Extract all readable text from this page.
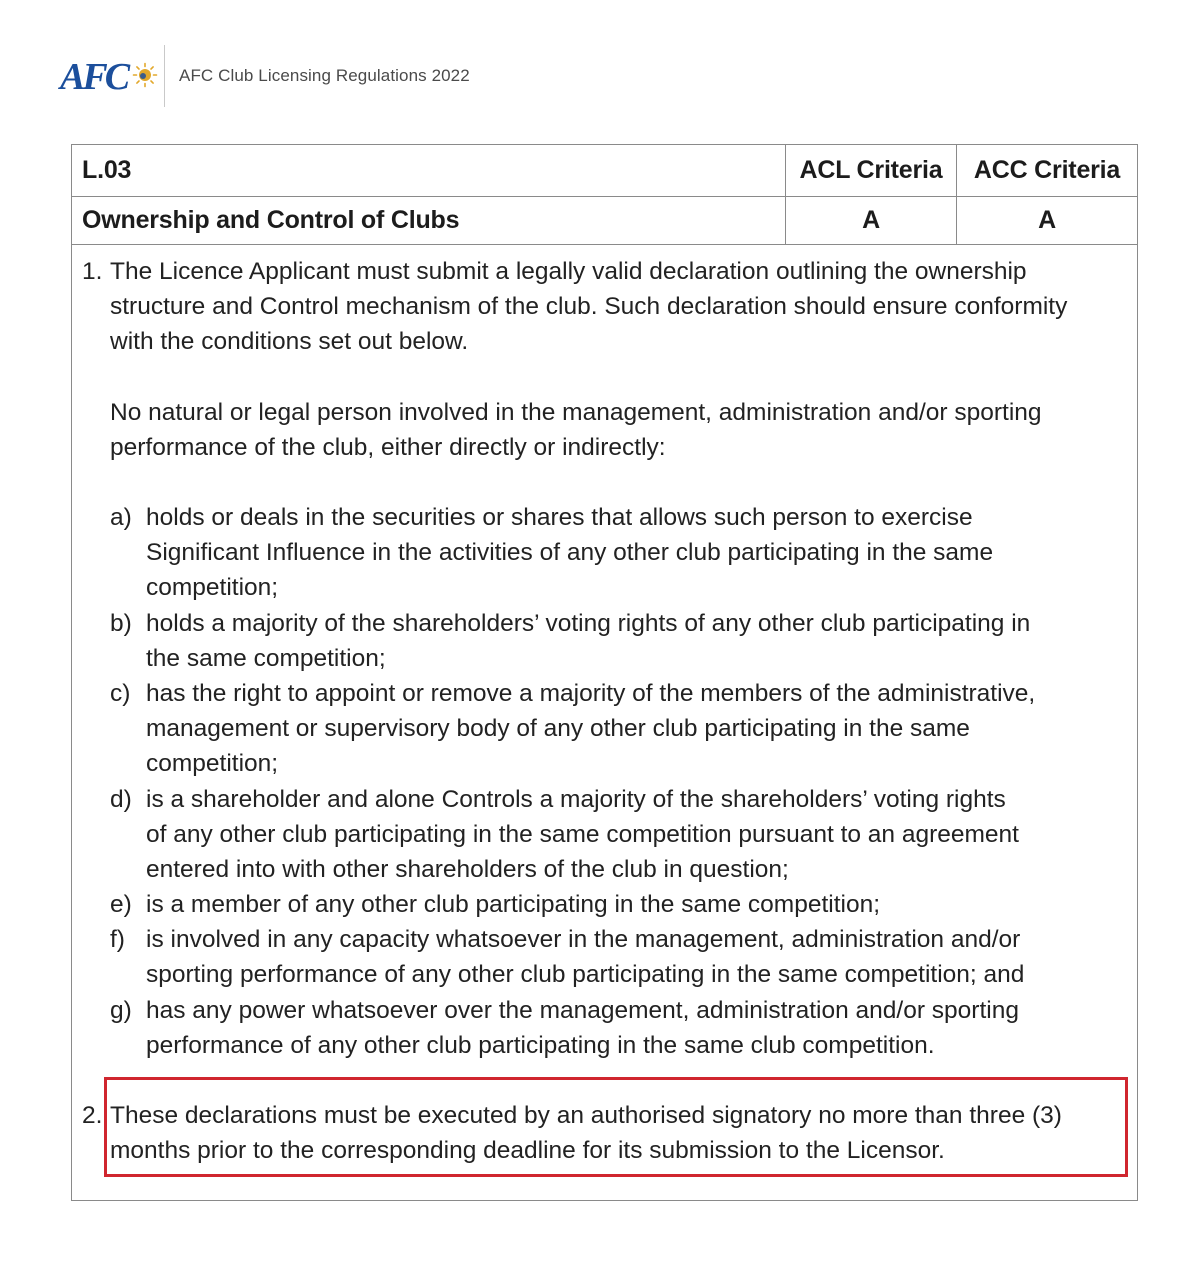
AFC	AFC Club Licensing Regulations 2022
L.03	ACL Criteria	ACC Criteria
Ownership and Control of Clubs	A	A
1. The Licence Applicant must submit a legally valid declaration outlining the ownership
structure and Control mechanism of the club. Such declaration should ensure conformity
with the conditions set out below.
No natural or legal person involved in the management, administration and/or sporting
performance of the club, either directly or indirectly:
a) holds or deals in the securities or shares that allows such person to exercise
Significant Influence in the activities of any other club participating in the same
competition;
b) holds a majority of the shareholders’ voting rights of any other club participating in
the same competition;
c) has the right to appoint or remove a majority of the members of the administrative,
management or supervisory body of any other club participating in the same
competition;
d) is a shareholder and alone Controls a majority of the shareholders’ voting rights
of any other club participating in the same competition pursuant to an agreement
entered into with other shareholders of the club in question;
e) is a member of any other club participating in the same competition;
f) is involved in any capacity whatsoever in the management, administration and/or
sporting performance of any other club participating in the same competition; and
g) has any power whatsoever over the management, administration and/or sporting
performance of any other club participating in the same club competition.
2. These declarations must be executed by an authorised signatory no more than three (3)
months prior to the corresponding deadline for its submission to the Licensor.
